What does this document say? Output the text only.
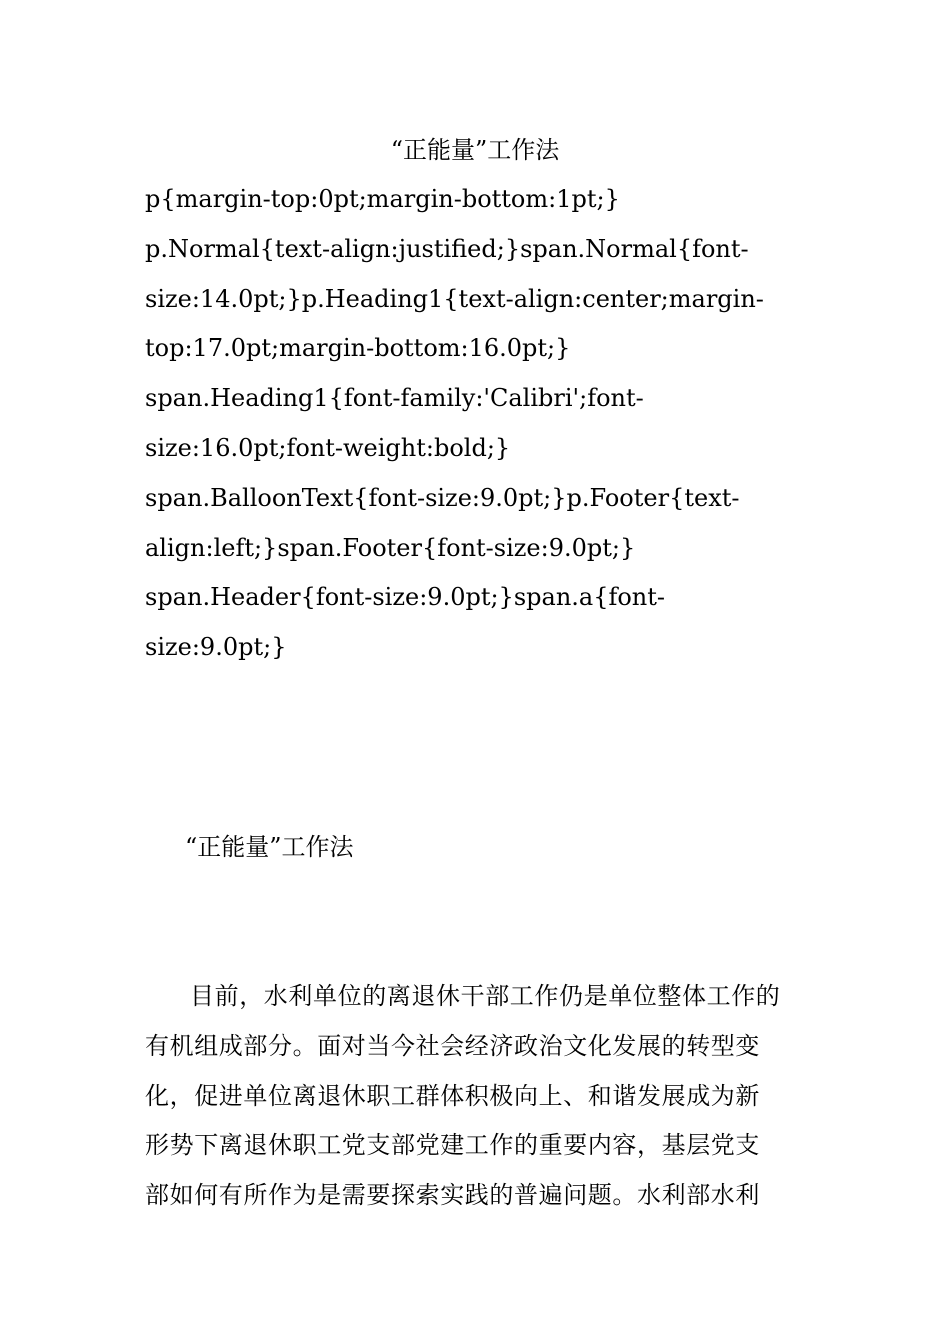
“正能量”工作法
p{margin-top:0pt;margin-bottom:1pt;}
p.Normal{text-align:justified;}span.Normal{font-
size:14.0pt;}p.Heading1{text-align:center;margin-
top:17.0pt;margin-bottom:16.0pt;}
span.Heading1{font-family:'Calibri';font-
size:16.0pt;font-weight:bold;}
span.BalloonText{font-size:9.0pt;}p.Footer{text-
align:left;}span.Footer{font-size:9.0pt;}
span.Header{font-size:9.0pt;}span.a{font-
size:9.0pt;}
“正能量”工作法
目前，水利单位的离退休干部工作仍是单位整体工作的
有机组成部分。面对当今社会经济政治文化发展的转型变
化，促进单位离退休职工群体积极向上、和谐发展成为新
形势下离退休职工党支部党建工作的重要内容，基层党支
部如何有所作为是需要探索实践的普遍问题。水利部水利
